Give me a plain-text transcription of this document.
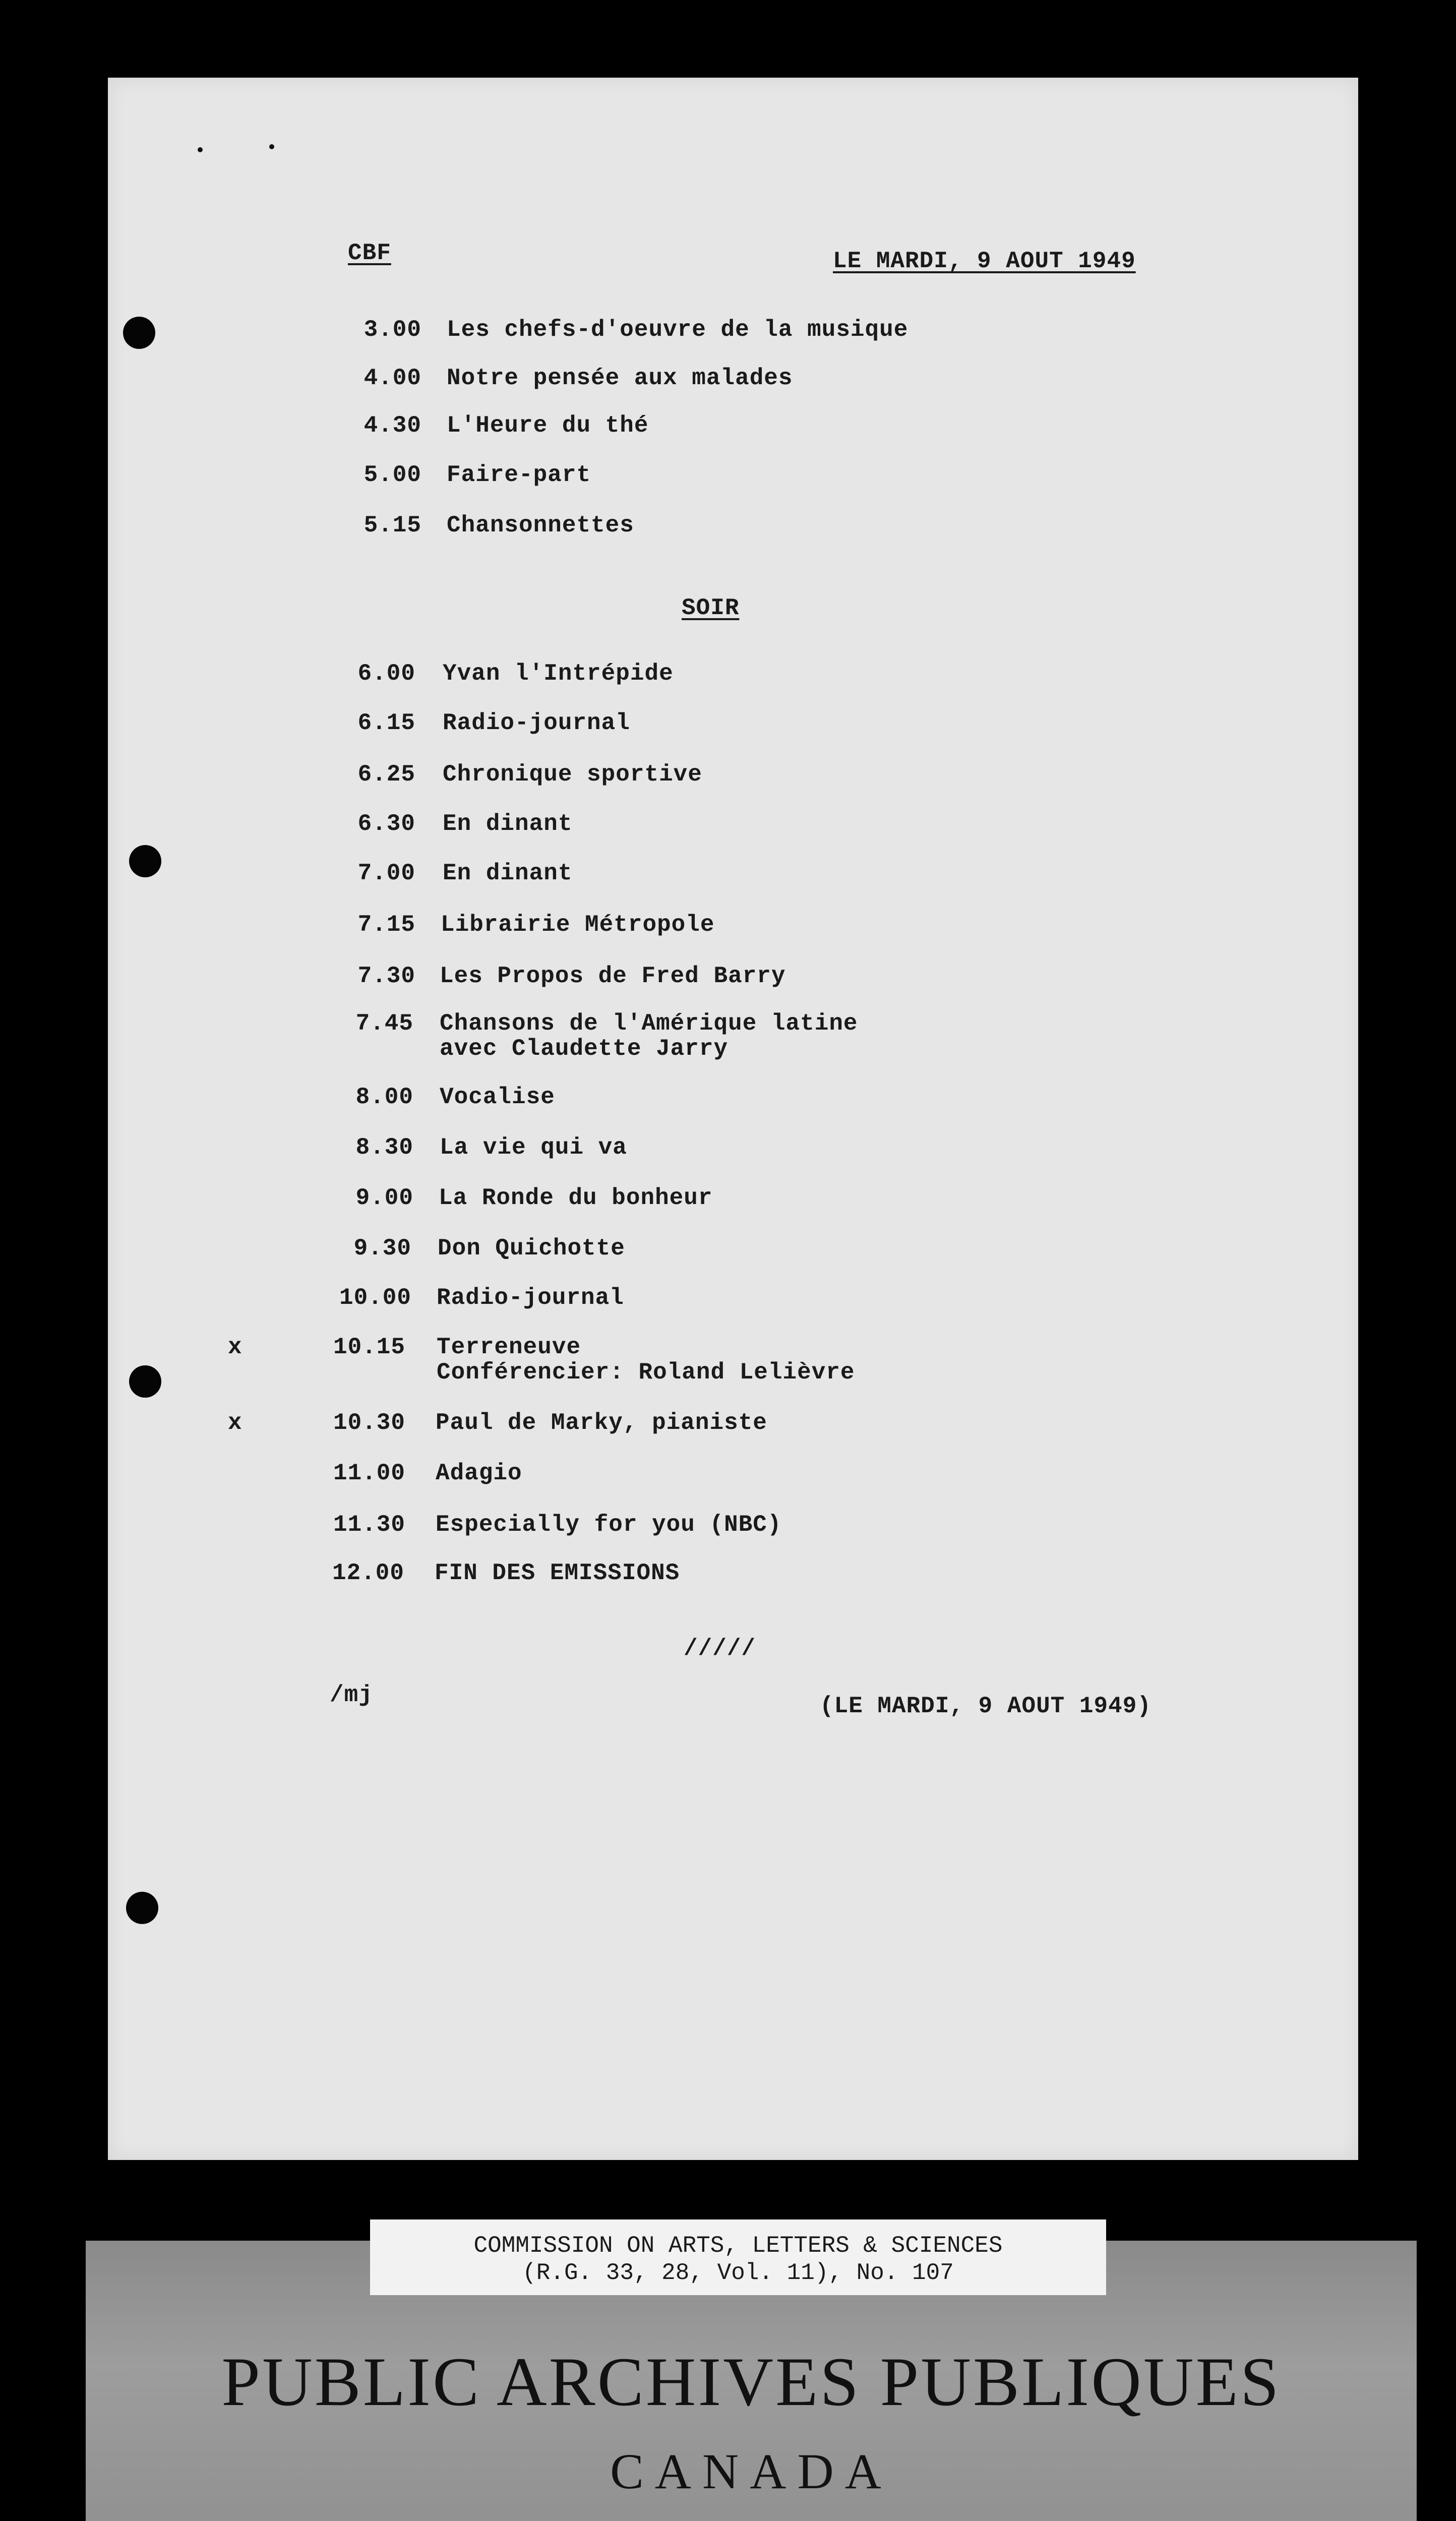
CBF	LE MARDI, 9 AOUT 1949
3.00 Les chefs-d'oeuvre de la musique
4.00 Notre pensée aux malades
4.30 L'Heure du thé
5.00 Faire-part
5.15 Chansonnettes
SOIR
6.00 Yvan l'Intrépide
6.15 Radio-journal
6.25 Chronique sportive
6.30 En dinant
7.00 En dinant
7.15 Librairie Métropole
7.30 Les Propos de Fred Barry
7.45 Chansons de l'Amérique latine
avec Claudette Jarry
8.00 Vocalise
8.30 La vie qui va
9.00 La Ronde du bonheur
9.30 Don Quichotte
10.00 Radio-journal
x	10.15 Terreneuve
Conférencier: Roland Lelièvre
x	10.30 Paul de Marky, pianiste
11.00 Adagio
11.30 Especially for you (NBC)
12.00 FIN DES EMISSIONS
/////
/mj	(LE MARDI, 9 AOUT 1949)
PUBLIC ARCHIVES PUBLIQUES
CANADA
COMMISSION ON ARTS, LETTERS & SCIENCES
(R.G. 33, 28, Vol. 11), No. 107
